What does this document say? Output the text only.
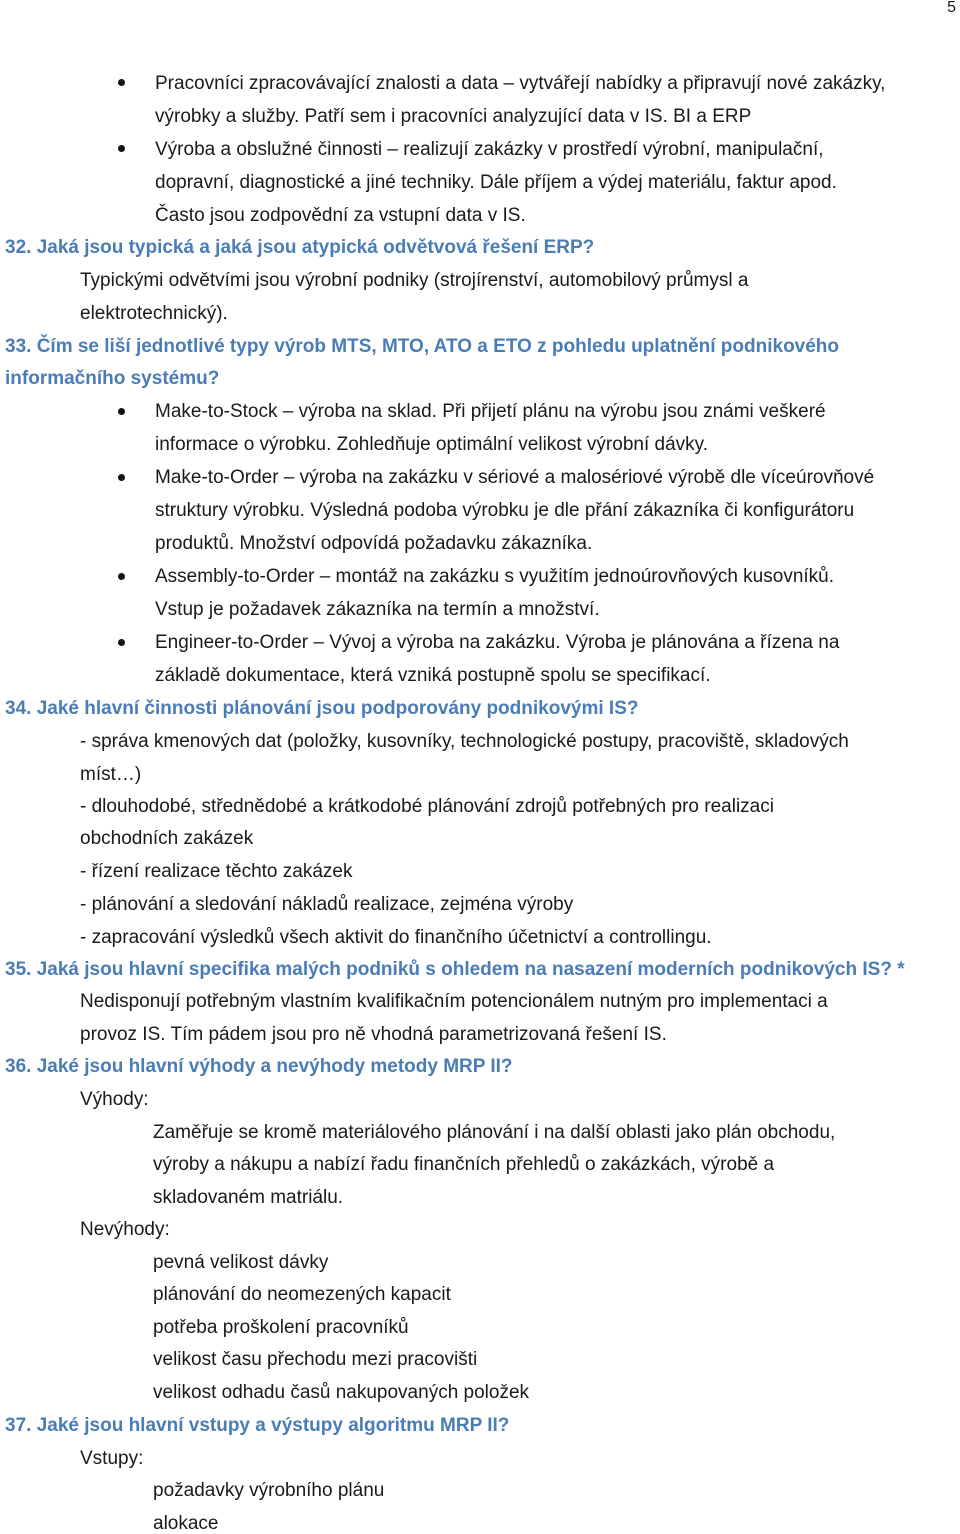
5
Pracovníci zpracovávající znalosti a data – vytvářejí nabídky a připravují nové zakázky,
výrobky a služby. Patří sem i pracovníci analyzující data v IS. BI a ERP
Výroba a obslužné činnosti – realizují zakázky v prostředí výrobní, manipulační,
dopravní, diagnostické a jiné techniky. Dále příjem a výdej materiálu, faktur apod.
Často jsou zodpovědní za vstupní data v IS.
32. Jaká jsou typická a jaká jsou atypická odvětvová řešení ERP?
Typickými odvětvími jsou výrobní podniky (strojírenství, automobilový průmysl a
elektrotechnický).
33. Čím se liší jednotlivé typy výrob MTS, MTO, ATO a ETO z pohledu uplatnění podnikového
informačního systému?
Make-to-Stock – výroba na sklad. Při přijetí plánu na výrobu jsou známi veškeré
informace o výrobku. Zohledňuje optimální velikost výrobní dávky.
Make-to-Order – výroba na zakázku v sériové a malosériové výrobě dle víceúrovňové
struktury výrobku. Výsledná podoba výrobku je dle přání zákazníka či konfigurátoru
produktů. Množství odpovídá požadavku zákazníka.
Assembly-to-Order – montáž na zakázku s využitím jednoúrovňových kusovníků.
Vstup je požadavek zákazníka na termín a množství.
Engineer-to-Order – Vývoj a výroba na zakázku. Výroba je plánována a řízena na
základě dokumentace, která vzniká postupně spolu se specifikací.
34. Jaké hlavní činnosti plánování jsou podporovány podnikovými IS?
- správa kmenových dat (položky, kusovníky, technologické postupy, pracoviště, skladových
míst…)
- dlouhodobé, střednědobé a krátkodobé plánování zdrojů potřebných pro realizaci
obchodních zakázek
- řízení realizace těchto zakázek
- plánování a sledování nákladů realizace, zejména výroby
- zapracování výsledků všech aktivit do finančního účetnictví a controllingu.
35. Jaká jsou hlavní specifika malých podniků s ohledem na nasazení moderních podnikových IS? *
Nedisponují potřebným vlastním kvalifikačním potencionálem nutným pro implementaci a
provoz IS. Tím pádem jsou pro ně vhodná parametrizovaná řešení IS.
36. Jaké jsou hlavní výhody a nevýhody metody MRP II?
Výhody:
Zaměřuje se kromě materiálového plánování i na další oblasti jako plán obchodu,
výroby a nákupu a nabízí řadu finančních přehledů o zakázkách, výrobě a
skladovaném matriálu.
Nevýhody:
pevná velikost dávky
plánování do neomezených kapacit
potřeba proškolení pracovníků
velikost času přechodu mezi pracovišti
velikost odhadu časů nakupovaných položek
37. Jaké jsou hlavní vstupy a výstupy algoritmu MRP II?
Vstupy:
požadavky výrobního plánu
alokace
